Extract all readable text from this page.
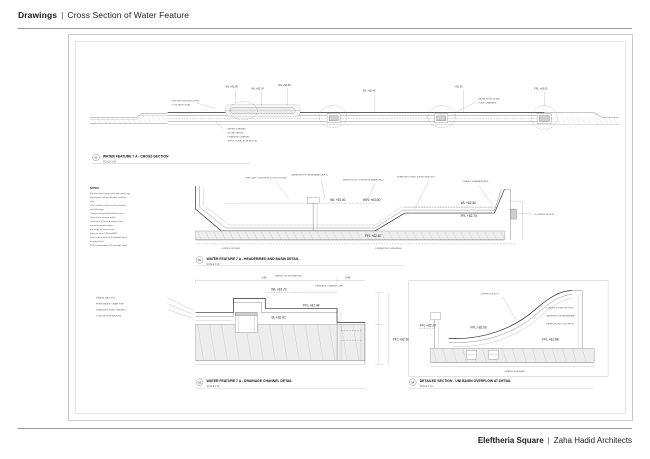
Drawings | Cross Section of Water Feature
WL +83.90
WL +82.30
WL +83.60
WL +82.40
+81.50
FFL +83.00
EXISTING GROUND LEVEL
CONCRETE SLAB
WATER CHANNEL
STONE PAVING
DRAINAGE CHANNEL
STRUCTURAL SLAB BELOW
BASIN EDGE DETAIL
PUMP CHAMBER
01 WATER FEATURE 7 A - CROSS SECTION
SCALE 1:50
WL +83.00	WFL +83.00
FFL +82.70
WL +82.50
FFL +82.40
PRE-CAST CONCRETE COPING STONE
WATERPROOF MEMBRANE LAYER
REINFORCED CONCRETE BASIN WALL
STAINLESS STEEL FIXING BRACKET
GRAVEL DRAINAGE BED
COMPACTED SUBGRADE
OVERFLOW WEIR
LIGHTING RECESS
NOTES
Pre-tensioned stone joints with steel pegs
Waterproof with mm flexible coupling
seal
CNC marble sculpture with waterflow
shelf drainage
Trimmed integrated stainless basin
Top-surface waterproofed
continuous 110mm drainage stack
around perimeter edges
discharge at lowest point
pump location 'FBL-by-MEP'
Stone sub-sealant LED spotlight head
on gravel float
15/20 combination LED spotlight head
02 WATER FEATURE 7 A - HEADER/BED AND BASIN DETAIL
SCALE 1:20
2.48	0.40
WL +82.72
FFL +82.48
SL +82.62
FFL +82.30
GRAVEL BACKFILL
PERFORATED DRAIN PIPE
STAINLESS STEEL GRATING
CONCRETE SURROUND
PAVING ON MORTAR BED
DRAINAGE CHANNEL LINE
03 WATER FEATURE 7 A - DRAINAGE CHANNEL DETAIL
SCALE 1:10
FFL +82.19	FFL +82.00
FFL +82.88
OVERFLOW SLOT
CURVED STONE PROFILE
WATERPROOF MEMBRANE
REINFORCED CONCRETE
GRAVEL SUB-BASE
04 DETAILED SECTION - UNI BASIN OVERFLOW AT DETAIL
SCALE 1:10
Eleftheria Square | Zaha Hadid Architects
